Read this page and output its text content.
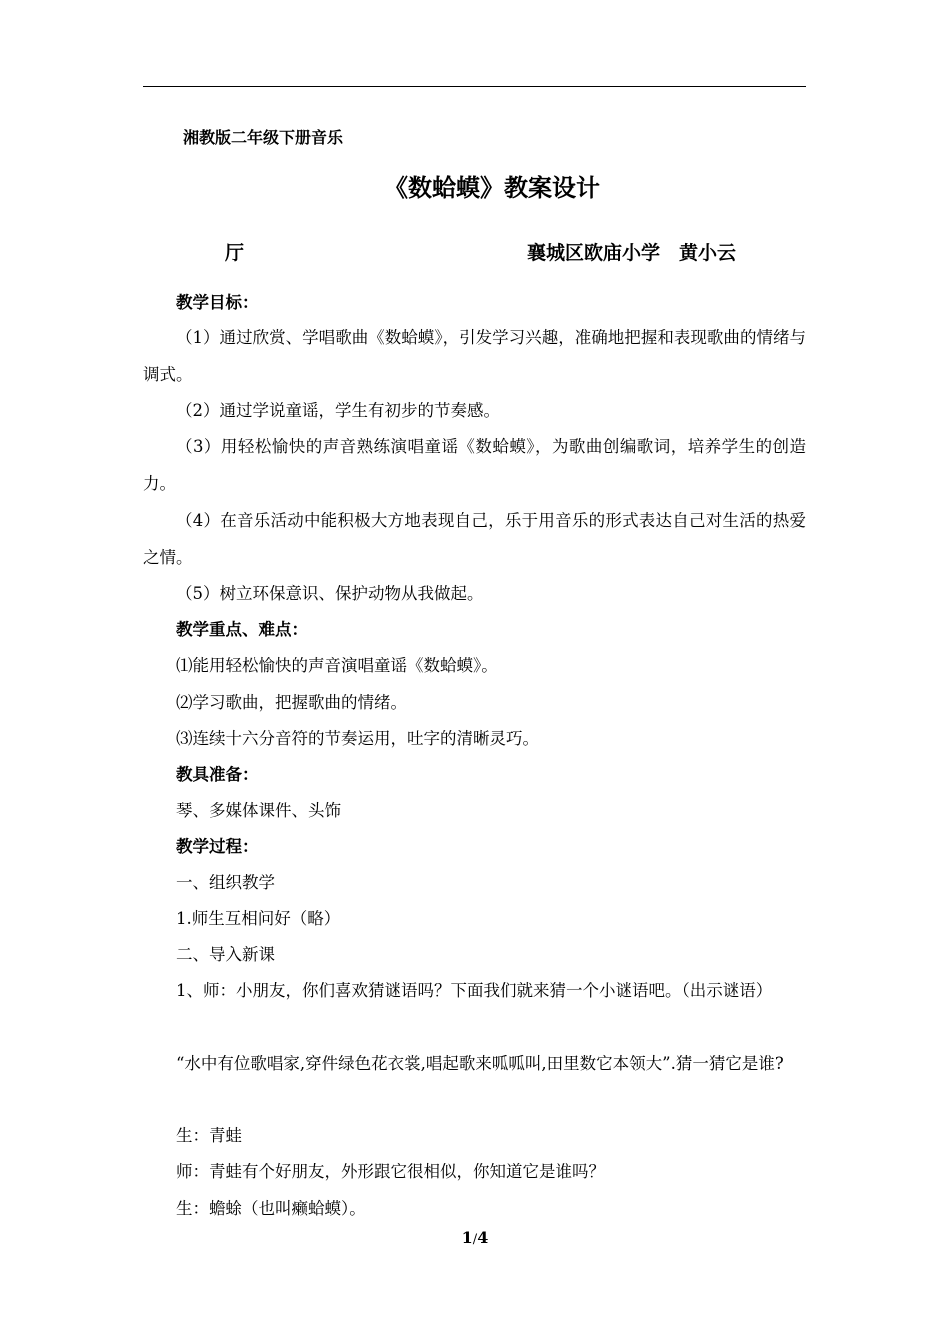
湘教版二年级下册音乐
《数蛤蟆》教案设计
厅	襄城区欧庙小学　黄小云
教学目标：
（1）通过欣赏、学唱歌曲《数蛤蟆》，引发学习兴趣，准确地把握和表现歌曲的情绪与调式。
（2）通过学说童谣，学生有初步的节奏感。
（3）用轻松愉快的声音熟练演唱童谣《数蛤蟆》，为歌曲创编歌词，培养学生的创造力。
（4）在音乐活动中能积极大方地表现自己，乐于用音乐的形式表达自己对生活的热爱之情。
（5）树立环保意识、保护动物从我做起。
教学重点、难点：
⑴能用轻松愉快的声音演唱童谣《数蛤蟆》。
⑵学习歌曲，把握歌曲的情绪。
⑶连续十六分音符的节奏运用，吐字的清晰灵巧。
教具准备：
琴、多媒体课件、头饰
教学过程：
一、组织教学
1.师生互相问好（略）
二、导入新课
1、师：小朋友，你们喜欢猜谜语吗？下面我们就来猜一个小谜语吧。（出示谜语）
“水中有位歌唱家,穿件绿色花衣裳,唱起歌来呱呱叫,田里数它本领大”.猜一猜它是谁?
生：青蛙
师：青蛙有个好朋友，外形跟它很相似，你知道它是谁吗？
生：蟾蜍（也叫癞蛤蟆）。
1/4
